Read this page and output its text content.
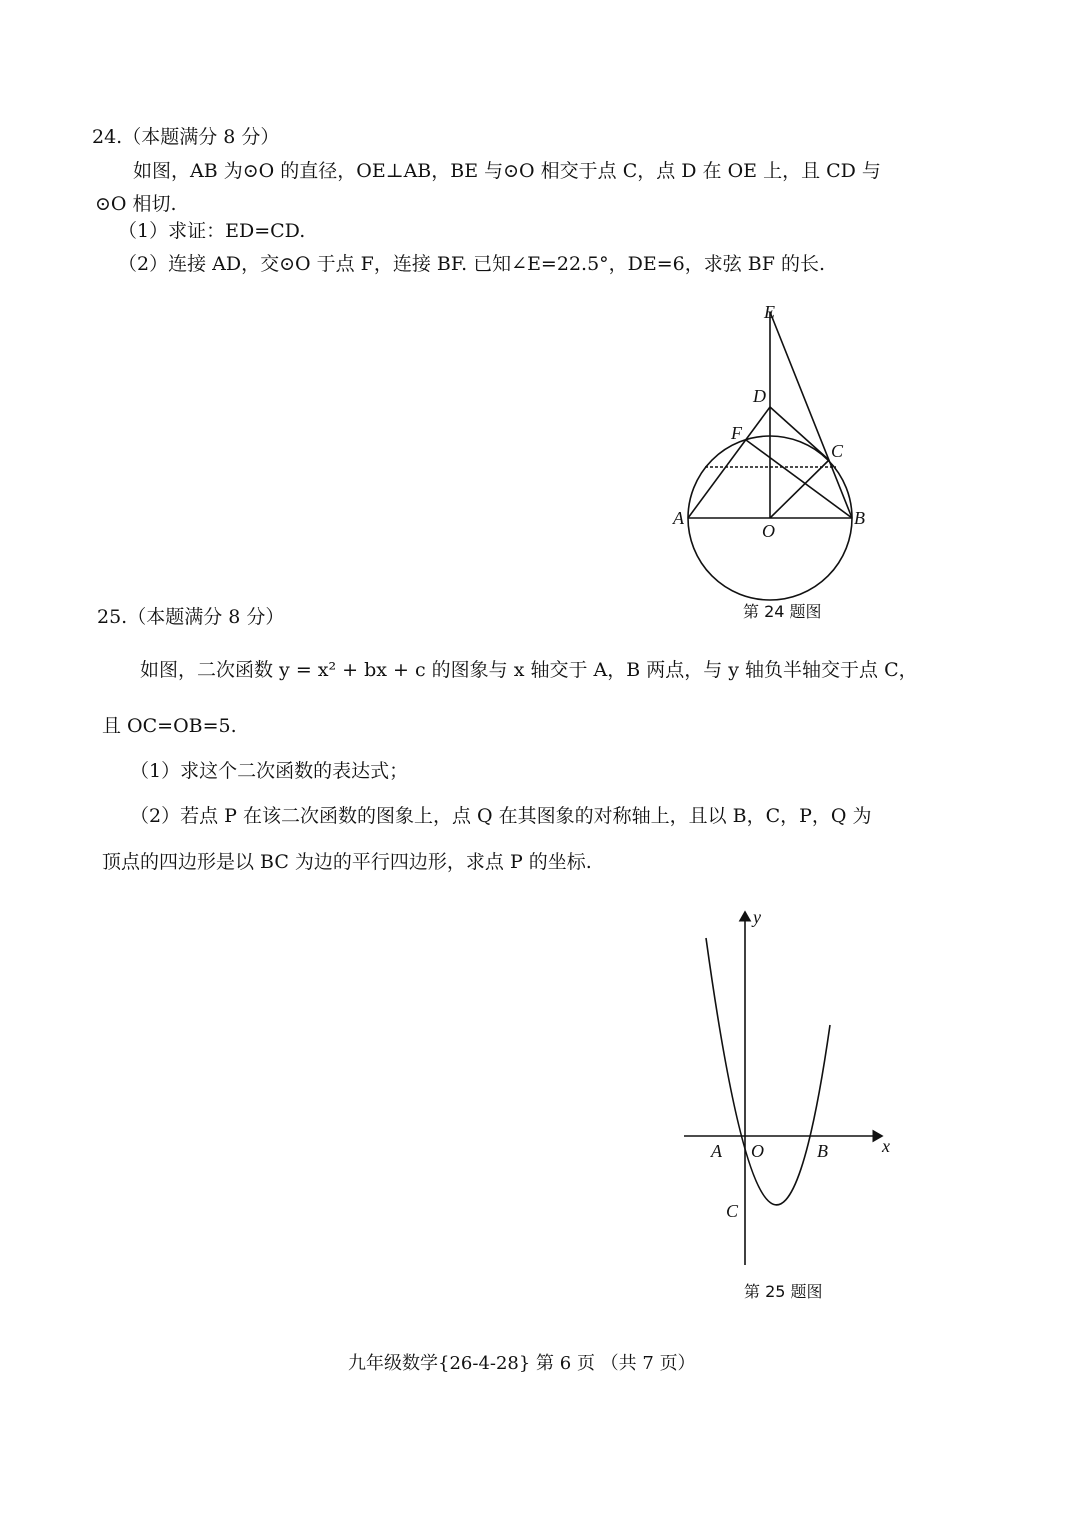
24.（本题满分 8 分）
如图，AB 为⊙O 的直径，OE⊥AB，BE 与⊙O 相交于点 C，点 D 在 OE 上，且 CD 与
⊙O 相切.
（1）求证：ED=CD.
（2）连接 AD，交⊙O 于点 F，连接 BF. 已知∠E=22.5°，DE=6，求弦 BF 的长.
E
D
F
C
A	B
O
第 24 题图
25.（本题满分 8 分）
如图，二次函数 y = x² + bx + c 的图象与 x 轴交于 A，B 两点，与 y 轴负半轴交于点 C，
且 OC=OB=5.
（1）求这个二次函数的表达式；
（2）若点 P 在该二次函数的图象上，点 Q 在其图象的对称轴上，且以 B，C，P，Q 为
顶点的四边形是以 BC 为边的平行四边形，求点 P 的坐标.
y
x
A O	B
C
第 25 题图
九年级数学{26-4-28} 第 6 页 （共 7 页）
